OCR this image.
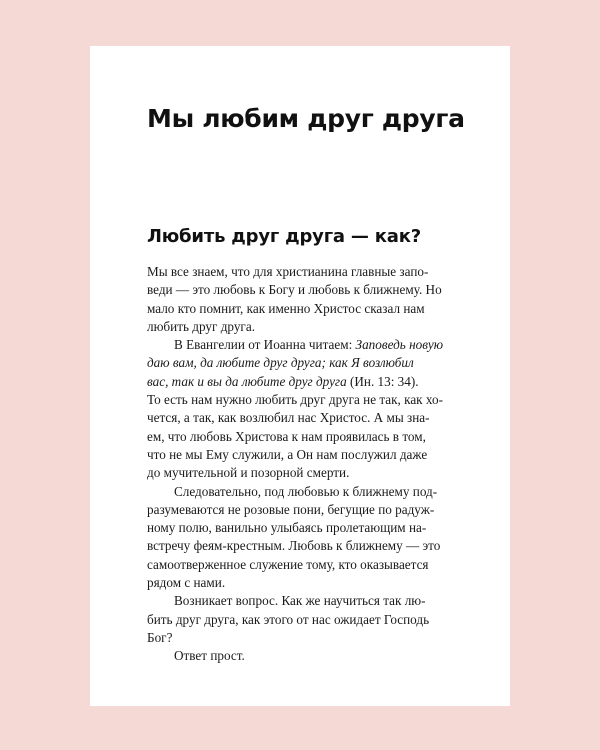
Мы любим друг друга
Любить друг друга — как?
Мы все знаем, что для христианина главные запо-
веди — это любовь к Богу и любовь к ближнему. Но
мало кто помнит, как именно Христос сказал нам
любить друг друга.
В Евангелии от Иоанна читаем: Заповедь новую
даю вам, да любите друг друга; как Я возлюбил
вас, так и вы да любите друг друга (Ин. 13: 34).
То есть нам нужно любить друг друга не так, как хо-
чется, а так, как возлюбил нас Христос. А мы зна-
ем, что любовь Христова к нам проявилась в том,
что не мы Ему служили, а Он нам послужил даже
до мучительной и позорной смерти.
Следовательно, под любовью к ближнему под-
разумеваются не розовые пони, бегущие по радуж-
ному полю, ванильно улыбаясь пролетающим на-
встречу феям-крестным. Любовь к ближнему — это
самоотверженное служение тому, кто оказывается
рядом с нами.
Возникает вопрос. Как же научиться так лю-
бить друг друга, как этого от нас ожидает Господь
Бог?
Ответ прост.
